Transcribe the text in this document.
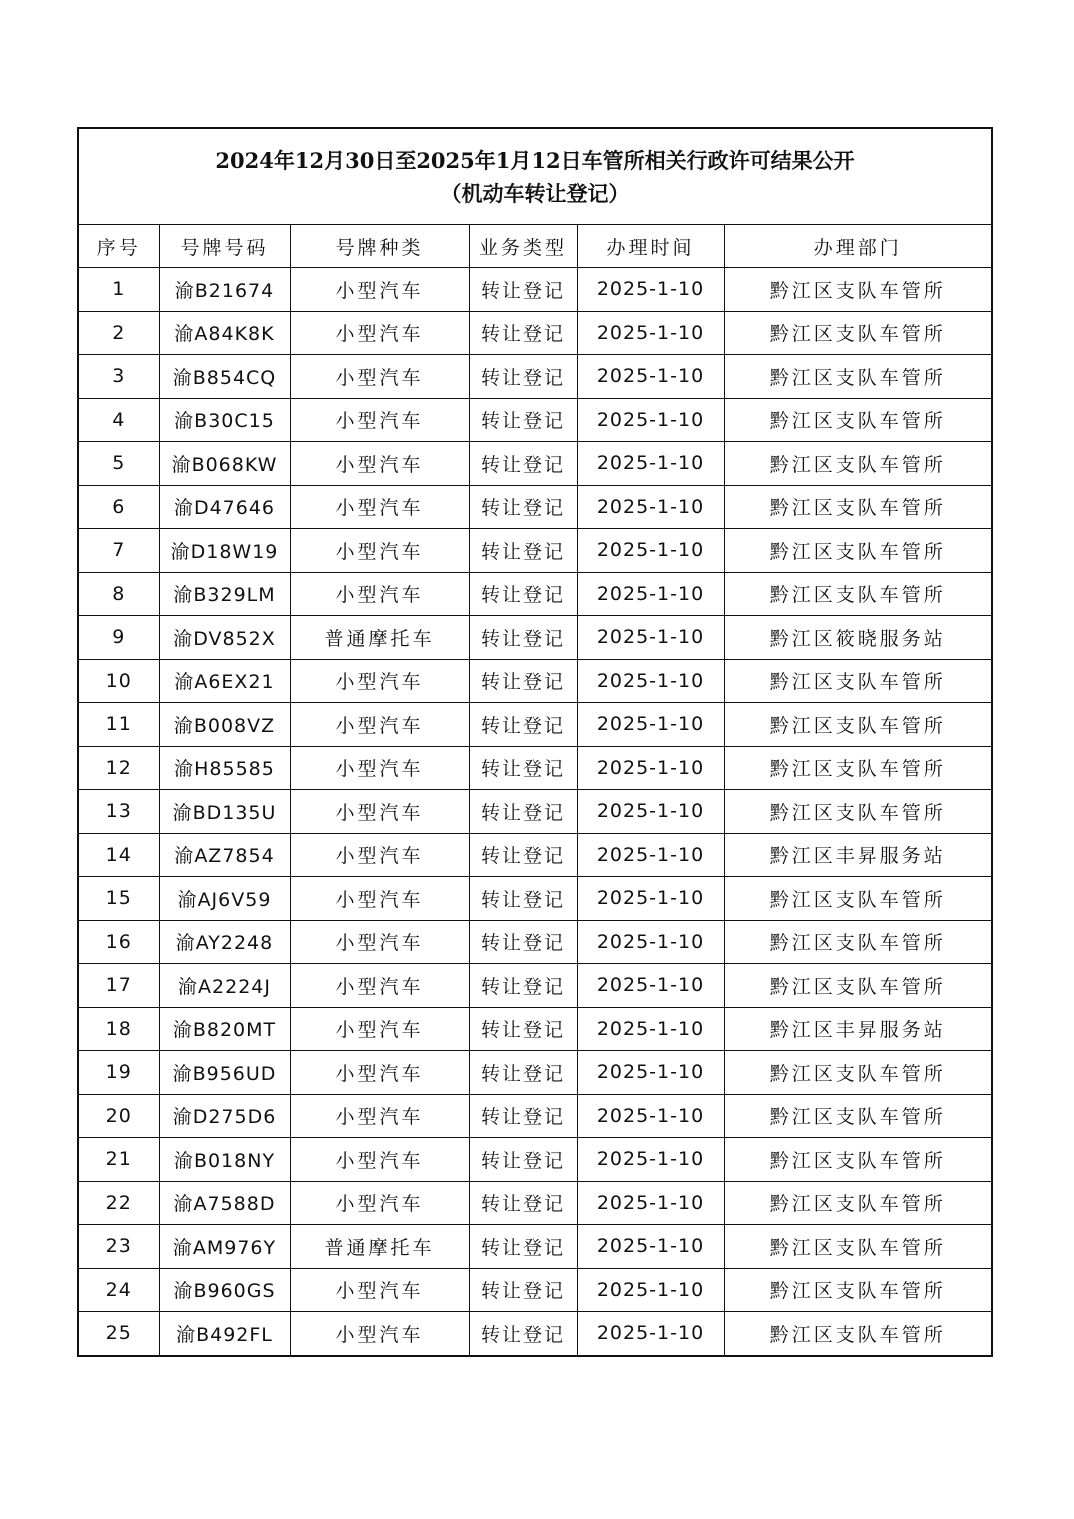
2024年12月30日至2025年1月12日车管所相关行政许可结果公开
（机动车转让登记）					

序号	号牌号码	号牌种类	业务类型	办理时间	办理部门
1	渝B21674	小型汽车	转让登记	2025-1-10	黔江区支队车管所
2	渝A84K8K	小型汽车	转让登记	2025-1-10	黔江区支队车管所
3	渝B854CQ	小型汽车	转让登记	2025-1-10	黔江区支队车管所
4	渝B30C15	小型汽车	转让登记	2025-1-10	黔江区支队车管所
5	渝B068KW	小型汽车	转让登记	2025-1-10	黔江区支队车管所
6	渝D47646	小型汽车	转让登记	2025-1-10	黔江区支队车管所
7	渝D18W19	小型汽车	转让登记	2025-1-10	黔江区支队车管所
8	渝B329LM	小型汽车	转让登记	2025-1-10	黔江区支队车管所
9	渝DV852X	普通摩托车	转让登记	2025-1-10	黔江区筱晓服务站
10	渝A6EX21	小型汽车	转让登记	2025-1-10	黔江区支队车管所
11	渝B008VZ	小型汽车	转让登记	2025-1-10	黔江区支队车管所
12	渝H85585	小型汽车	转让登记	2025-1-10	黔江区支队车管所
13	渝BD135U	小型汽车	转让登记	2025-1-10	黔江区支队车管所
14	渝AZ7854	小型汽车	转让登记	2025-1-10	黔江区丰昇服务站
15	渝AJ6V59	小型汽车	转让登记	2025-1-10	黔江区支队车管所
16	渝AY2248	小型汽车	转让登记	2025-1-10	黔江区支队车管所
17	渝A2224J	小型汽车	转让登记	2025-1-10	黔江区支队车管所
18	渝B820MT	小型汽车	转让登记	2025-1-10	黔江区丰昇服务站
19	渝B956UD	小型汽车	转让登记	2025-1-10	黔江区支队车管所
20	渝D275D6	小型汽车	转让登记	2025-1-10	黔江区支队车管所
21	渝B018NY	小型汽车	转让登记	2025-1-10	黔江区支队车管所
22	渝A7588D	小型汽车	转让登记	2025-1-10	黔江区支队车管所
23	渝AM976Y	普通摩托车	转让登记	2025-1-10	黔江区支队车管所
24	渝B960GS	小型汽车	转让登记	2025-1-10	黔江区支队车管所
25	渝B492FL	小型汽车	转让登记	2025-1-10	黔江区支队车管所
